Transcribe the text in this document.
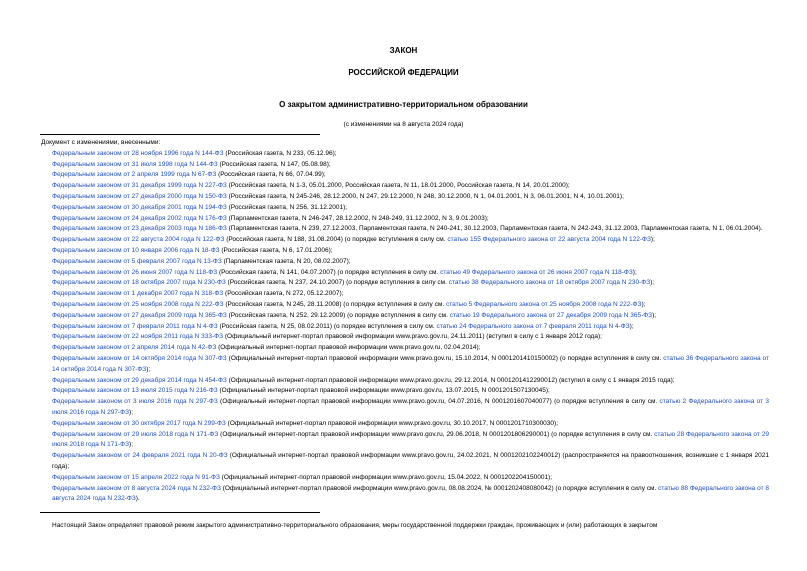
ЗАКОН
РОССИЙСКОЙ ФЕДЕРАЦИИ
О закрытом административно-территориальном образовании
(с изменениями на 8 августа 2024 года)
Документ с изменениями, внесенными:
Федеральным законом от 28 ноября 1996 года N 144-ФЗ (Российская газета, N 233, 05.12.96);
Федеральным законом от 31 июля 1998 года N 144-ФЗ (Российская газета, N 147, 05.08.98);
Федеральным законом от 2 апреля 1999 года N 67-ФЗ (Российская газета, N 66, 07.04.99);
Федеральным законом от 31 декабря 1999 года N 227-ФЗ (Российская газета, N 1-3, 05.01.2000, Российская газета, N 11, 18.01.2000, Российская газета, N 14, 20.01.2000);
Федеральным законом от 27 декабря 2000 года N 150-ФЗ (Российская газета, N 245-246, 28.12.2000, N 247, 29.12.2000, N 248, 30.12.2000, N 1, 04.01.2001, N 3, 06.01.2001, N 4, 10.01.2001);
Федеральным законом от 30 декабря 2001 года N 194-ФЗ (Российская газета, N 256, 31.12.2001);
Федеральным законом от 24 декабря 2002 года N 176-ФЗ (Парламентская газета, N 246-247, 28.12.2002, N 248-249, 31.12.2002, N 3, 9.01.2003);
Федеральным законом от 23 декабря 2003 года N 186-ФЗ (Парламентская газета, N 239, 27.12.2003, Парламентская газета, N 240-241, 30.12.2003, Парламентская газета, N 242-243, 31.12.2003, Парламентская газета, N 1, 06.01.2004).
Федеральным законом от 22 августа 2004 года N 122-ФЗ (Российская газета, N 188, 31.08.2004) (о порядке вступления в силу см. статью 155 Федерального закона от 22 августа 2004 года N 122-ФЗ);
Федеральным законом от 10 января 2006 года N 18-ФЗ (Российская газета, N 6, 17.01.2006);
Федеральным законом от 5 февраля 2007 года N 13-ФЗ (Парламентская газета, N 20, 08.02.2007);
Федеральным законом от 26 июня 2007 года N 118-ФЗ (Российская газета, N 141, 04.07.2007) (о порядке вступления в силу см. статью 49 Федерального закона от 26 июня 2007 года N 118-ФЗ);
Федеральным законом от 18 октября 2007 года N 230-ФЗ (Российская газета, N 237, 24.10.2007) (о порядке вступления в силу см. статью 38 Федерального закона от 18 октября 2007 года N 230-ФЗ);
Федеральным законом от 1 декабря 2007 года N 318-ФЗ (Российская газета, N 272, 05.12.2007);
Федеральным законом от 25 ноября 2008 года N 222-ФЗ (Российская газета, N 245, 28.11.2008) (о порядке вступления в силу см. статью 5 Федерального закона от 25 ноября 2008 года N 222-ФЗ);
Федеральным законом от 27 декабря 2009 года N 365-ФЗ (Российская газета, N 252, 29.12.2009) (о порядке вступления в силу см. статью 19 Федерального закона от 27 декабря 2009 года N 365-ФЗ);
Федеральным законом от 7 февраля 2011 года N 4-ФЗ (Российская газета, N 25, 08.02.2011) (о порядке вступления в силу см. статью 24 Федерального закона от 7 февраля 2011 года N 4-ФЗ);
Федеральным законом от 22 ноября 2011 года N 333-ФЗ (Официальный интернет-портал правовой информации www.pravo.gov.ru, 24.11.2011) (вступил в силу с 1 января 2012 года);
Федеральным законом от 2 апреля 2014 года N 42-ФЗ (Официальный интернет-портал правовой информации www.pravo.gov.ru, 02.04.2014);
Федеральным законом от 14 октября 2014 года N 307-ФЗ (Официальный интернет-портал правовой информации www.pravo.gov.ru, 15.10.2014, N 0001201410150002) (о порядке вступления в силу см. статью 36 Федерального закона от 14 октября 2014 года N 307-ФЗ);
Федеральным законом от 29 декабря 2014 года N 454-ФЗ (Официальный интернет-портал правовой информации www.pravo.gov.ru, 29.12.2014, N 0001201412290012) (вступил в силу с 1 января 2015 года);
Федеральным законом от 13 июля 2015 года N 216-ФЗ (Официальный интернет-портал правовой информации www.pravo.gov.ru, 13.07.2015, N 0001201507130045);
Федеральным законом от 3 июля 2016 года N 297-ФЗ (Официальный интернет-портал правовой информации www.pravo.gov.ru, 04.07.2016, N 0001201607040077) (о порядке вступления в силу см. статью 2 Федерального закона от 3 июля 2016 года N 297-ФЗ);
Федеральным законом от 30 октября 2017 года N 299-ФЗ (Официальный интернет-портал правовой информации www.pravo.gov.ru, 30.10.2017, N 0001201710300030);
Федеральным законом от 29 июля 2018 года N 171-ФЗ (Официальный интернет-портал правовой информации www.pravo.gov.ru, 29.06.2018, N 0001201806290001) (о порядке вступления в силу см. статью 28 Федерального закона от 29 июля 2018 года N 171-ФЗ);
Федеральным законом от 24 февраля 2021 года N 20-ФЗ (Официальный интернет-портал правовой информации www.pravo.gov.ru, 24.02.2021, N 0001202102240012) (распространяется на правоотношения, возникшие с 1 января 2021 года);
Федеральным законом от 15 апреля 2022 года N 91-ФЗ (Официальный интернет-портал правовой информации www.pravo.gov.ru, 15.04.2022, N 0001202204150001);
Федеральным законом от 8 августа 2024 года N 232-ФЗ (Официальный интернет-портал правовой информации www.pravo.gov.ru, 08.08.2024, № 0001202408080042) (о порядке вступления в силу см. статью 88 Федерального закона от 8 августа 2024 года N 232-ФЗ).
Настоящий Закон определяет правовой режим закрытого административно-территориального образования, меры государственной поддержки граждан, проживающих и (или) работающих в закрытом
